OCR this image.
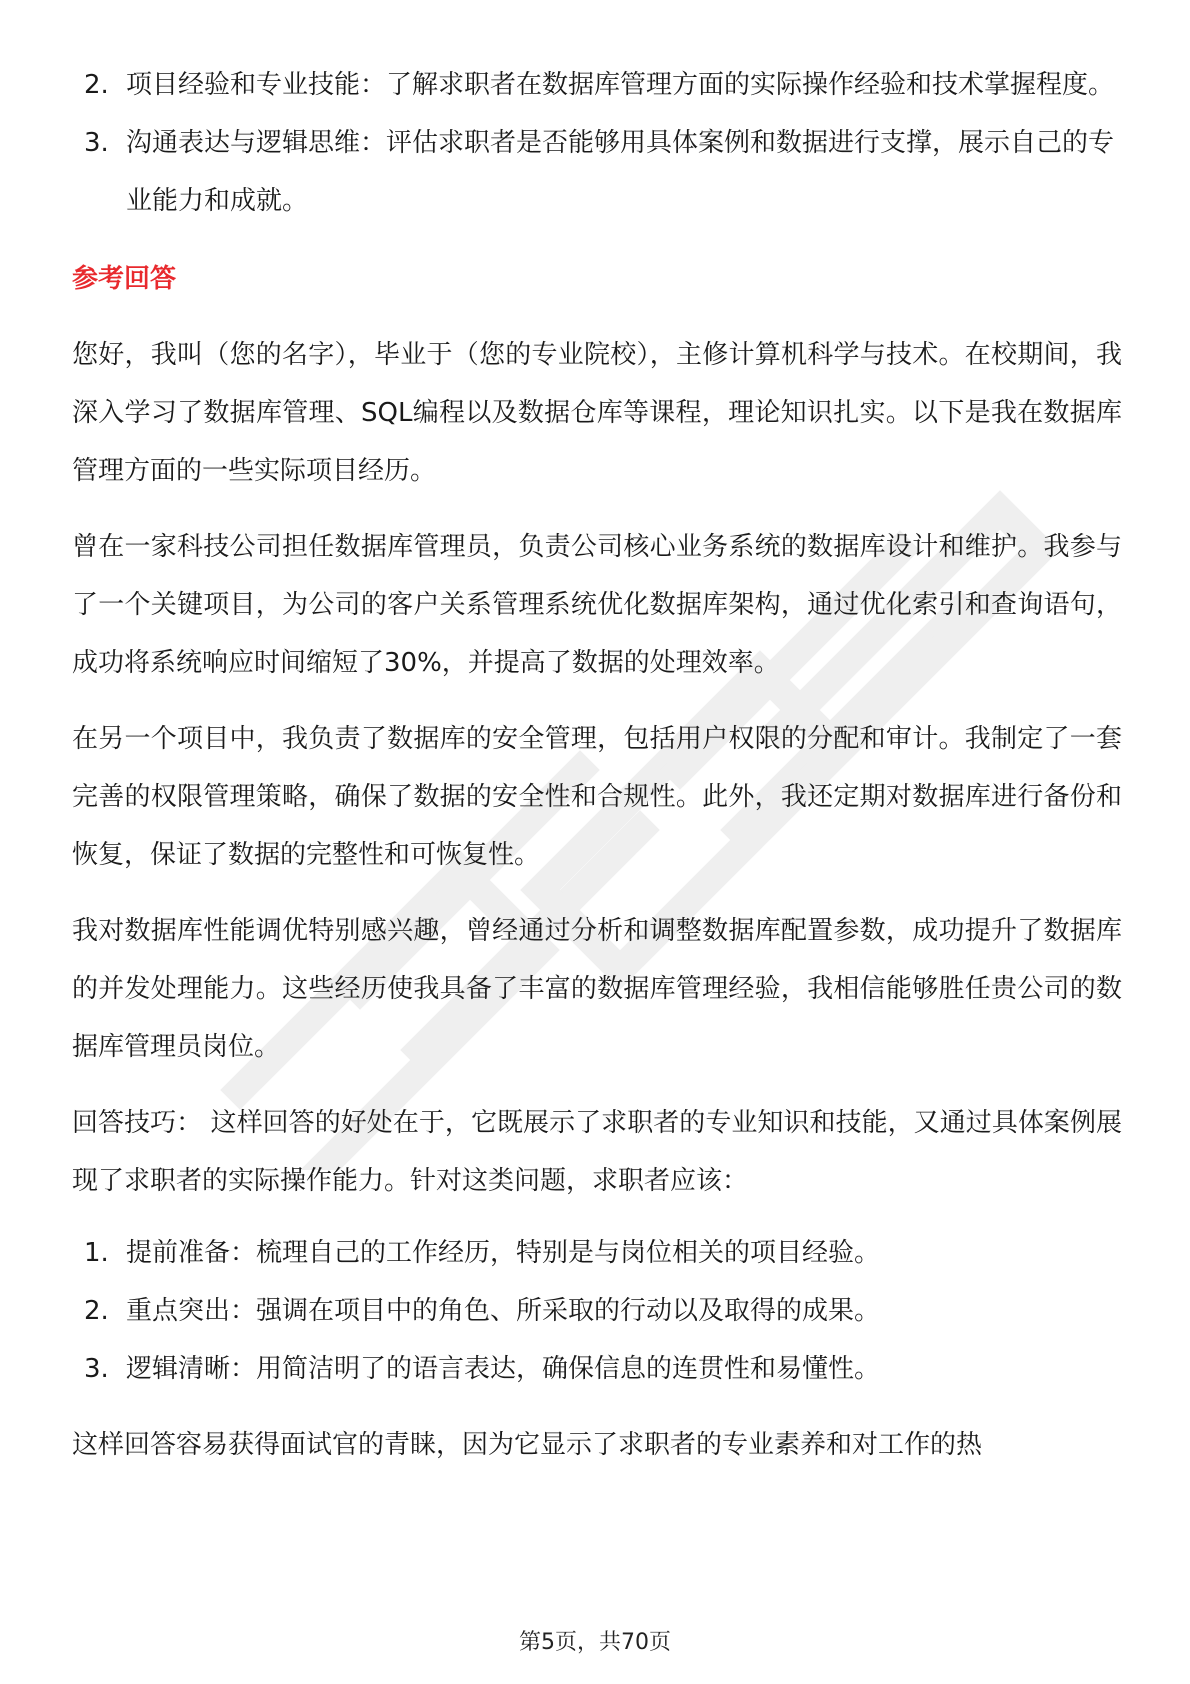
2. 项目经验和专业技能：了解求职者在数据库管理方面的实际操作经验和技术掌握程度。
3. 沟通表达与逻辑思维：评估求职者是否能够用具体案例和数据进行支撑，展示自己的专业能力和成就。
参考回答

您好，我叫（您的名字），毕业于（您的专业院校），主修计算机科学与技术。在校期间，我深入学习了数据库管理、SQL编程以及数据仓库等课程，理论知识扎实。以下是我在数据库管理方面的一些实际项目经历。

曾在一家科技公司担任数据库管理员，负责公司核心业务系统的数据库设计和维护。我参与了一个关键项目，为公司的客户关系管理系统优化数据库架构，通过优化索引和查询语句，成功将系统响应时间缩短了30%，并提高了数据的处理效率。

在另一个项目中，我负责了数据库的安全管理，包括用户权限的分配和审计。我制定了一套完善的权限管理策略，确保了数据的安全性和合规性。此外，我还定期对数据库进行备份和恢复，保证了数据的完整性和可恢复性。

我对数据库性能调优特别感兴趣，曾经通过分析和调整数据库配置参数，成功提升了数据库的并发处理能力。这些经历使我具备了丰富的数据库管理经验，我相信能够胜任贵公司的数据库管理员岗位。

回答技巧： 这样回答的好处在于，它既展示了求职者的专业知识和技能，又通过具体案例展现了求职者的实际操作能力。针对这类问题，求职者应该：

1. 提前准备：梳理自己的工作经历，特别是与岗位相关的项目经验。
2. 重点突出：强调在项目中的角色、所采取的行动以及取得的成果。
3. 逻辑清晰：用简洁明了的语言表达，确保信息的连贯性和易懂性。

这样回答容易获得面试官的青睐，因为它显示了求职者的专业素养和对工作的热

第5页，共70页
